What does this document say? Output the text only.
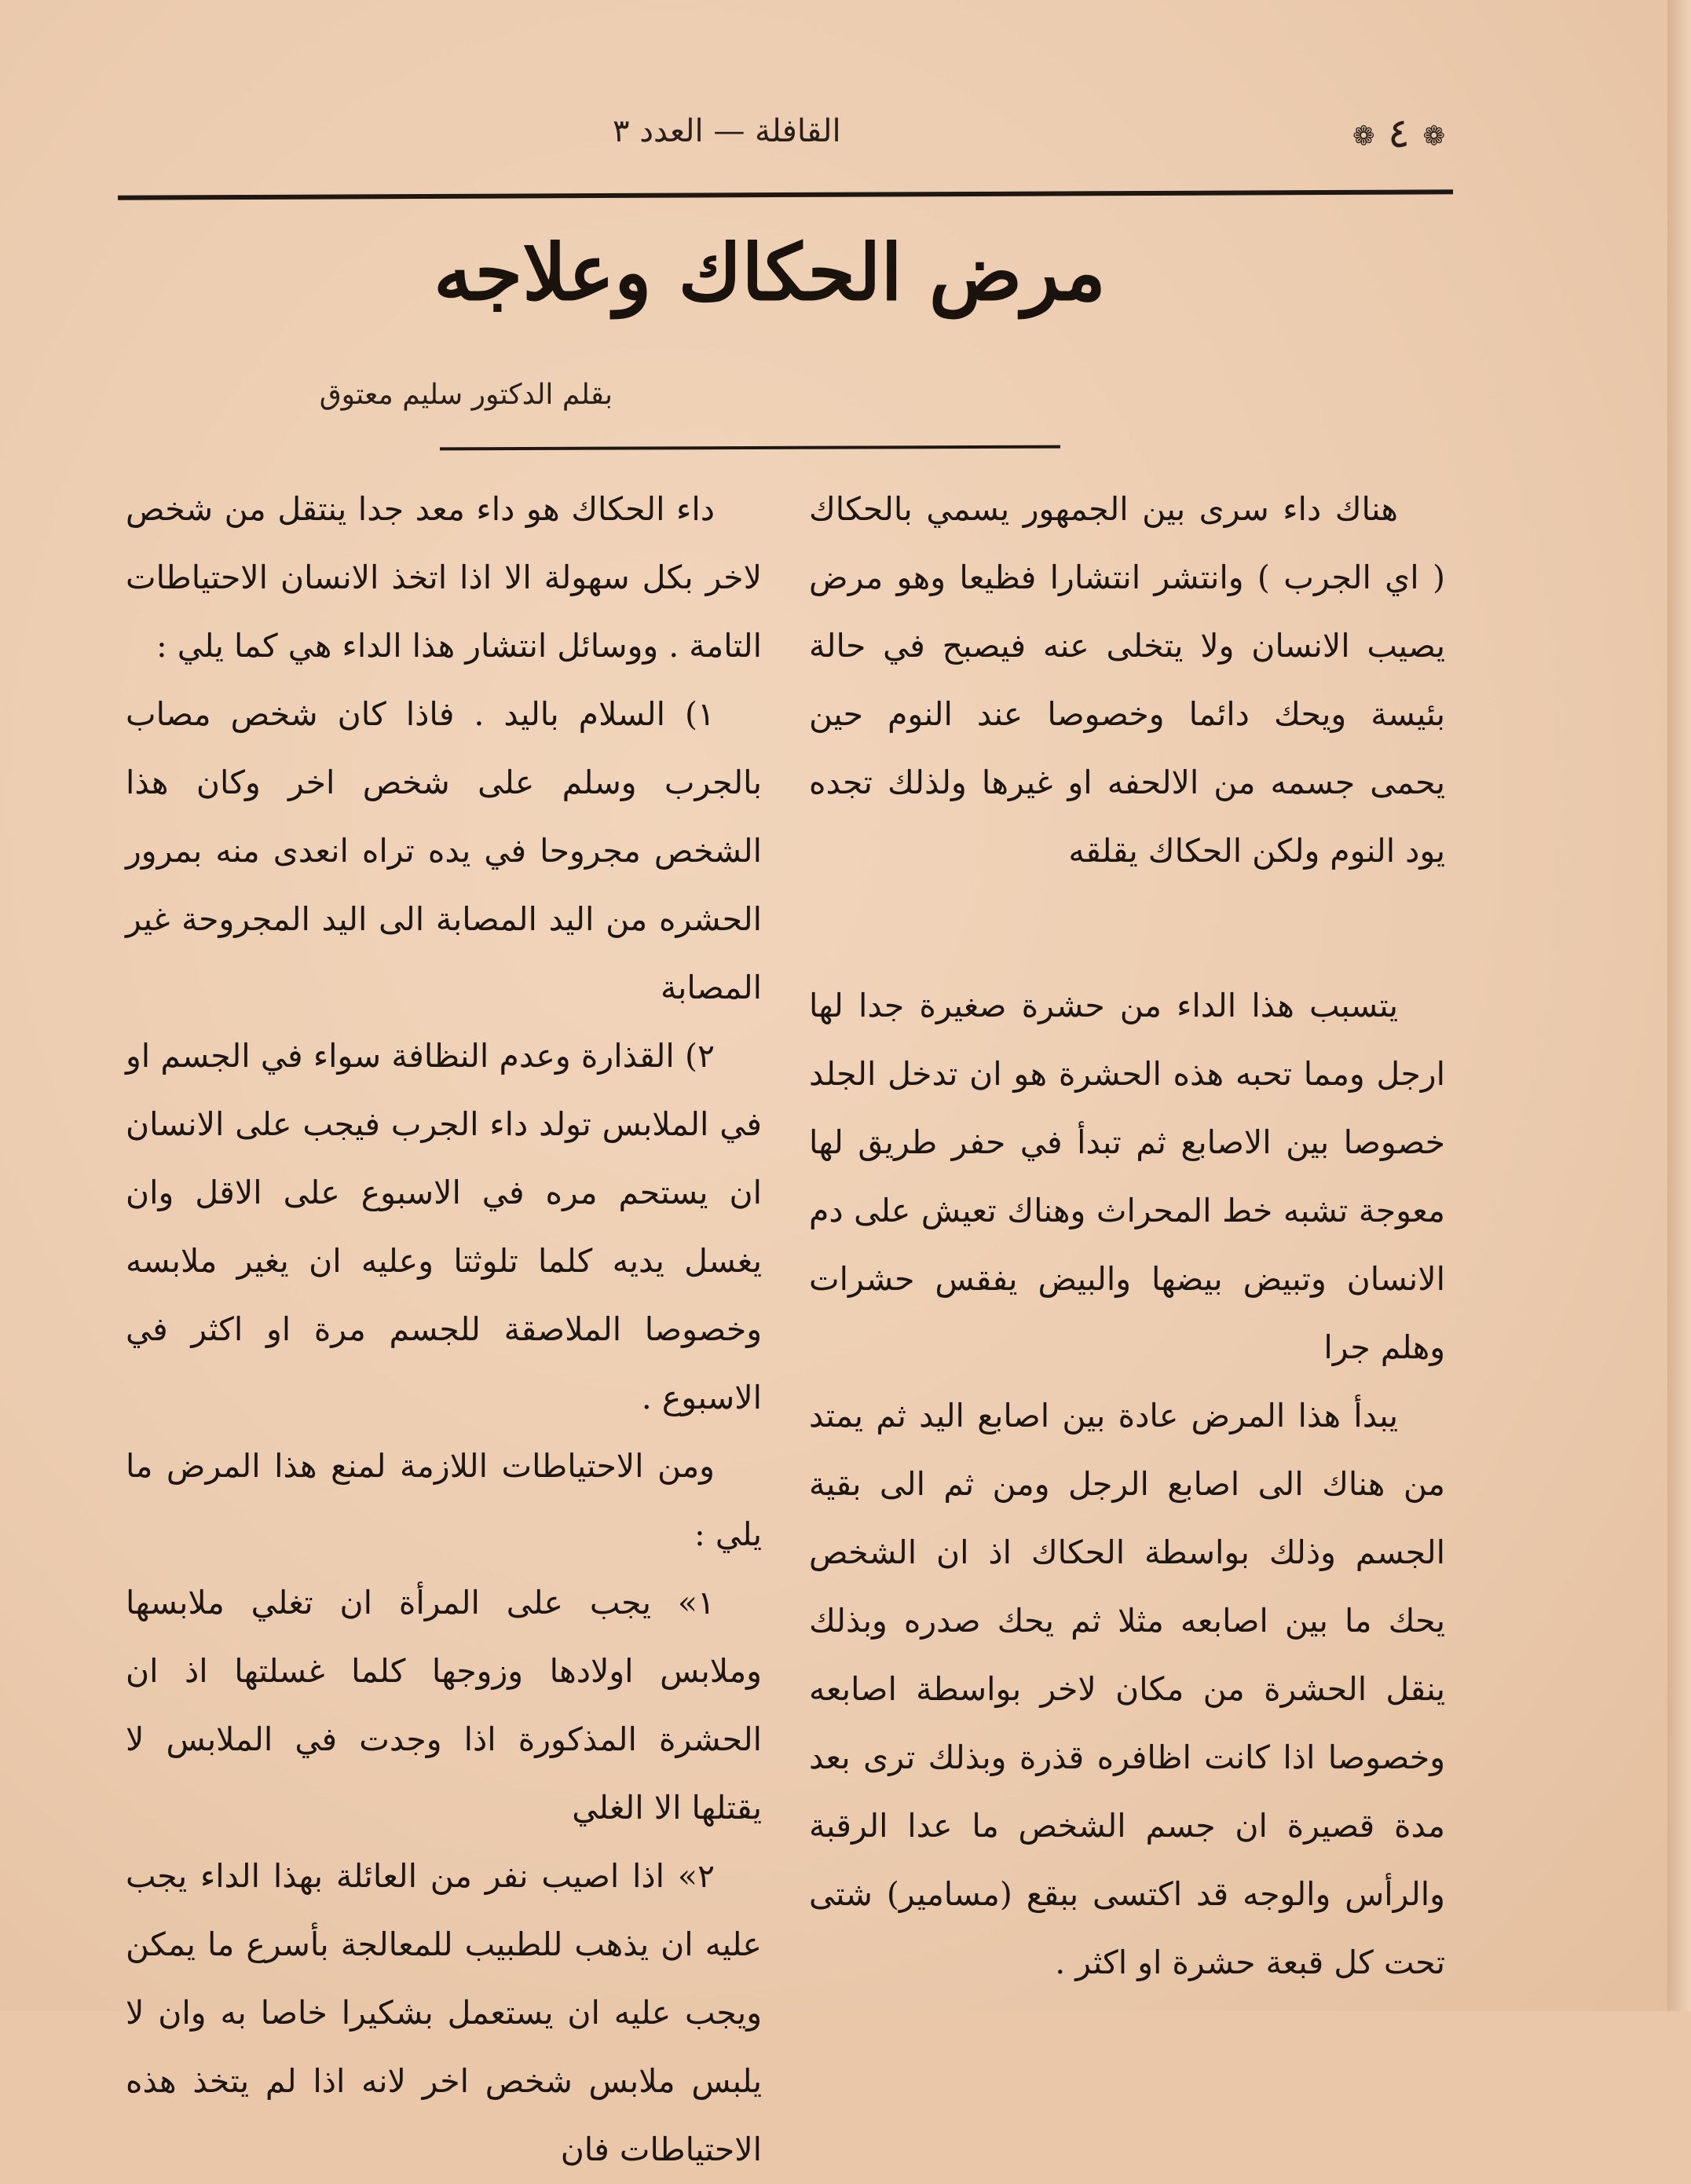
❁ ٤ ❁
القافلة — العدد ٣
مرض الحكاك وعلاجه
بقلم الدكتور سليم معتوق

هناك داء سرى بين الجمهور يسمي بالحكاك ( اي الجرب ) وانتشر انتشارا فظيعا وهو مرض يصيب الانسان ولا يتخلى عنه فيصبح في حالة بئيسة ويحك دائما وخصوصا عند النوم حين يحمى جسمه من الالحفه او غيرها ولذلك تجده يود النوم ولكن الحكاك يقلقه

يتسبب هذا الداء من حشرة صغيرة جدا لها ارجل ومما تحبه هذه الحشرة هو ان تدخل الجلد خصوصا بين الاصابع ثم تبدأ في حفر طريق لها معوجة تشبه خط المحراث وهناك تعيش على دم الانسان وتبيض بيضها والبيض يفقس حشرات وهلم جرا

يبدأ هذا المرض عادة بين اصابع اليد ثم يمتد من هناك الى اصابع الرجل ومن ثم الى بقية الجسم وذلك بواسطة الحكاك اذ ان الشخص يحك ما بين اصابعه مثلا ثم يحك صدره وبذلك ينقل الحشرة من مكان لاخر بواسطة اصابعه وخصوصا اذا كانت اظافره قذرة وبذلك ترى بعد مدة قصيرة ان جسم الشخص ما عدا الرقبة والرأس والوجه قد اكتسى ببقع (مسامير) شتى تحت كل قبعة حشرة او اكثر .

داء الحكاك هو داء معد جدا ينتقل من شخص لاخر بكل سهولة الا اذا اتخذ الانسان الاحتياطات التامة . ووسائل انتشار هذا الداء هي كما يلي :

١) السلام باليد . فاذا كان شخص مصاب بالجرب وسلم على شخص اخر وكان هذا الشخص مجروحا في يده تراه انعدى منه بمرور الحشره من اليد المصابة الى اليد المجروحة غير المصابة

٢) القذارة وعدم النظافة سواء في الجسم او في الملابس تولد داء الجرب فيجب على الانسان ان يستحم مره في الاسبوع على الاقل وان يغسل يديه كلما تلوثتا وعليه ان يغير ملابسه وخصوصا الملاصقة للجسم مرة او اكثر في الاسبوع .

ومن الاحتياطات اللازمة لمنع هذا المرض ما يلي :

١» يجب على المرأة ان تغلي ملابسها وملابس اولادها وزوجها كلما غسلتها اذ ان الحشرة المذكورة اذا وجدت في الملابس لا يقتلها الا الغلي

٢» اذا اصيب نفر من العائلة بهذا الداء يجب عليه ان يذهب للطبيب للمعالجة بأسرع ما يمكن ويجب عليه ان يستعمل بشكيرا خاصا به وان لا يلبس ملابس شخص اخر لانه اذا لم يتخذ هذه الاحتياطات فان
